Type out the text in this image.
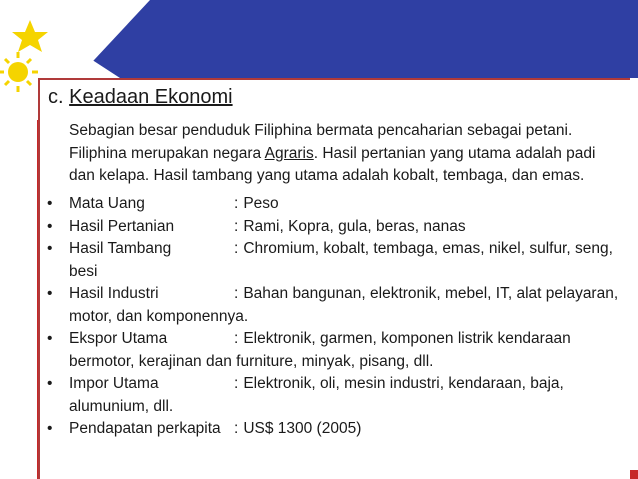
c. Keadaan Ekonomi
Sebagian besar penduduk Filiphina bermata pencaharian sebagai petani. Filiphina merupakan negara Agraris. Hasil pertanian yang utama adalah padi dan kelapa. Hasil tambang yang utama adalah kobalt, tembaga, dan emas.
• Mata Uang	: Peso
• Hasil Pertanian	: Rami, Kopra, gula, beras, nanas
• Hasil Tambang	: Chromium, kobalt, tembaga, emas, nikel, sulfur, seng, besi
• Hasil Industri	: Bahan bangunan, elektronik, mebel, IT, alat pelayaran, motor, dan komponennya.
• Ekspor Utama	: Elektronik, garmen, komponen listrik kendaraan bermotor, kerajinan dan furniture, minyak, pisang, dll.
• Impor Utama	: Elektronik, oli, mesin industri, kendaraan, baja, alumunium, dll.
• Pendapatan perkapita : US$ 1300 (2005)
